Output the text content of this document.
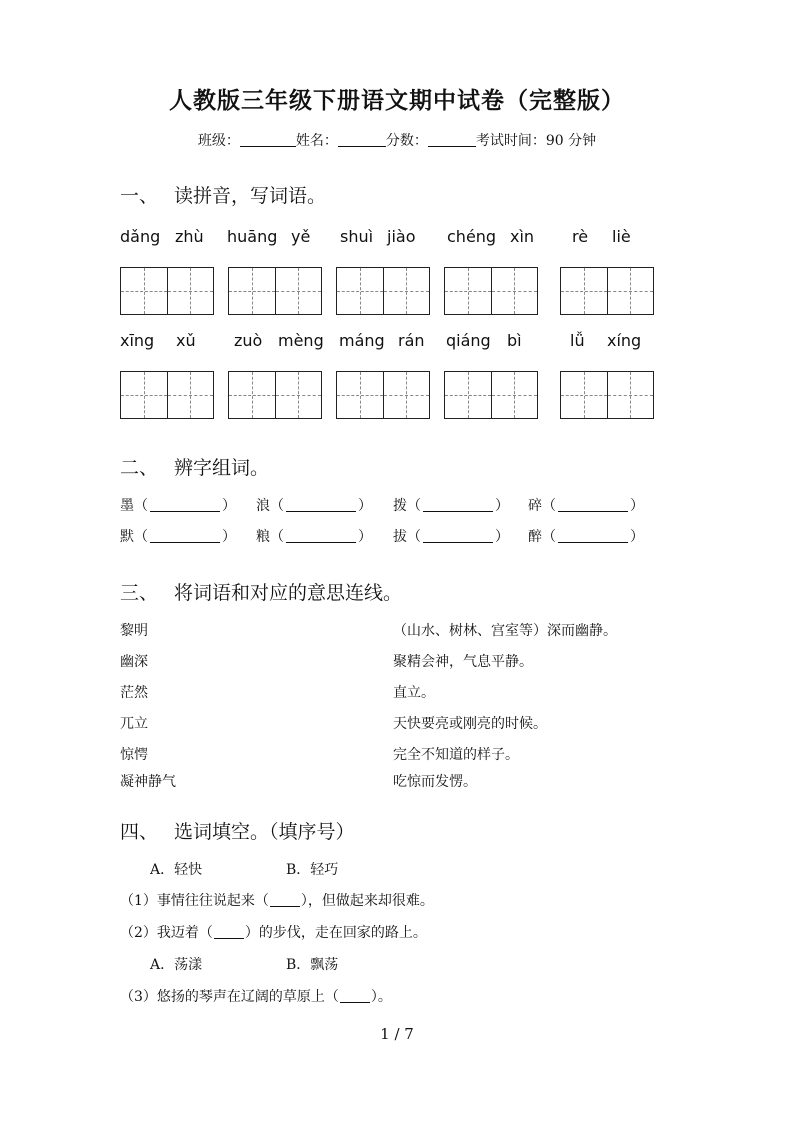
人教版三年级下册语文期中试卷（完整版）
班级：	姓名：	分数：	考试时间：90 分钟
一、 读拼音，写词语。
dǎng zhù huāng yě shuì jiào chéng xìn rè liè
xīng xǔ zuò mèng máng rán qiáng bì	lǚ xíng
二、 辨字组词。
墨（	） 浪（	） 拨（	） 碎（	）
默（	） 粮（	） 拔（	） 醉（	）
三、 将词语和对应的意思连线。
黎明
幽深
茫然
兀立
惊愕
凝神静气
（山水、树林、宫室等）深而幽静。
聚精会神，气息平静。
直立。
天快要亮或刚亮的时候。
完全不知道的样子。
吃惊而发愣。
四、 选词填空。（填序号）
A．轻快	B．轻巧
（1）事情往往说起来（ ），但做起来却很难。
（2）我迈着（ ）的步伐，走在回家的路上。
A．荡漾	B．飘荡
（3）悠扬的琴声在辽阔的草原上（ ）。
1 / 7
